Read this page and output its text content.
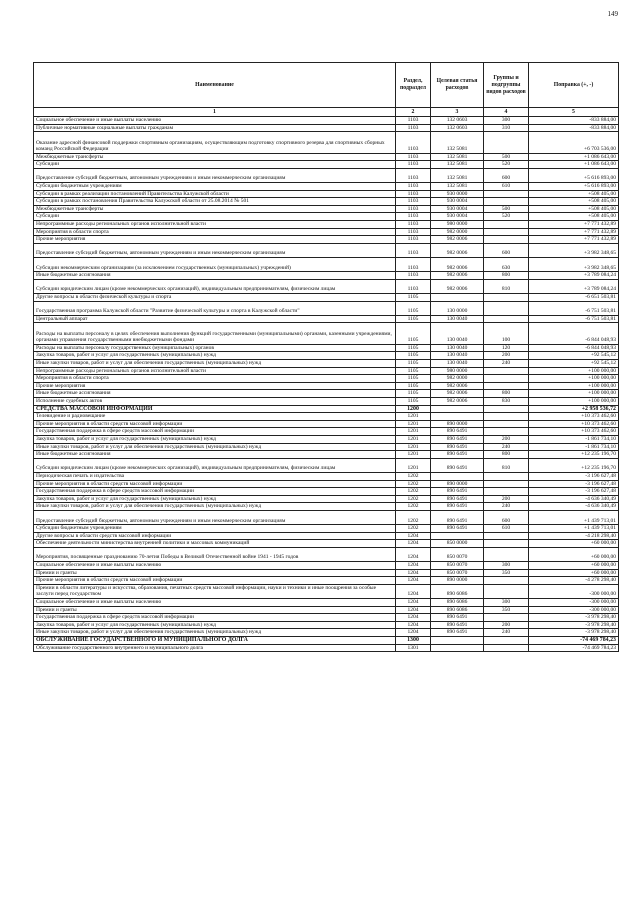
149
Наименование	Раздел, подраздел	Целевая статья расходов	Группы и подгруппы видов расходов	Поправка (+, -)
1	2	3	4	5
Социальное обеспечение и иные выплаты населению	1103	132 0603	300	-833 884,00
Публичные нормативные социальные выплаты гражданам	1103	132 0603	310	-833 884,00
Оказание адресной финансовой поддержки спортивным организациям, осуществляющим подготовку спортивного резерва для спортивных сборных команд Российской Федерации	1103	132 5081		+6 703 536,00
Межбюджетные трансферты	1103	132 5081	500	+1 086 643,00
Субсидии	1103	132 5081	520	+1 086 643,00
Предоставление субсидий бюджетным, автономным учреждениям и иным некоммерческим организациям	1103	132 5081	600	+5 616 893,00
Субсидии бюджетным учреждениям	1103	132 5081	610	+5 616 893,00
Субсидии в рамках реализации постановлений Правительства Калужской области	1103	930 0000		+508 405,00
Субсидии в рамках постановления Правительства Калужской области от 25.08.2014 № 501	1103	930 0004		+508 405,00
Межбюджетные трансферты	1103	930 0004	500	+508 405,00
Субсидии	1103	930 0004	520	+508 405,00
Непрограммные расходы региональных органов исполнительной власти	1103	980 0000		+7 771 432,89
Мероприятия в области спорта	1103	982 0000		+7 771 432,89
Прочие мероприятия	1103	982 0006		+7 771 432,89
Предоставление субсидий бюджетным, автономным учреждениям и иным некоммерческим организациям	1103	982 0006	600	+3 982 348,65
Субсидии некоммерческим организациям (за исключением государственных (муниципальных) учреждений)	1103	982 0006	630	+3 982 348,65
Иные бюджетные ассигнования	1103	982 0006	800	+3 789 084,24
Субсидии юридическим лицам (кроме некоммерческих организаций), индивидуальным предпринимателям, физическим лицам	1103	982 0006	810	+3 789 084,24
Другие вопросы в области физической культуры и спорта	1105			-6 651 503,81
Государственная программа Калужской области "Развитие физической культуры и спорта в Калужской области"	1105	130 0000		-6 751 503,81
Центральный аппарат	1105	130 0040		-6 751 503,81
Расходы на выплаты персоналу в целях обеспечения выполнения функций государственными (муниципальными) органами, казенными учреждениями, органами управления государственными внебюджетными фондами	1105	130 0040	100	-6 844 048,93
Расходы на выплаты персоналу государственных (муниципальных) органов	1105	130 0040	120	-6 844 048,93
Закупка товаров, работ и услуг для государственных (муниципальных) нужд	1105	130 0040	200	+92 545,12
Иные закупки товаров, работ и услуг для обеспечения государственных (муниципальных) нужд	1105	130 0040	240	+92 545,12
Непрограммные расходы региональных органов исполнительной власти	1105	980 0000		+100 000,00
Мероприятия в области спорта	1105	982 0000		+100 000,00
Прочие мероприятия	1105	982 0006		+100 000,00
Иные бюджетные ассигнования	1105	982 0006	800	+100 000,00
Исполнение судебных актов	1105	982 0006	830	+100 000,00
СРЕДСТВА МАССОВОЙ ИНФОРМАЦИИ	1200			+2 958 536,72
Телевидение и радиовещание	1201			+10 373 462,60
Прочие мероприятия в области средств массовой информации	1201	890 0000		+10 373 462,60
Государственная поддержка в сфере средств массовой информации	1201	890 6491		+10 373 462,60
Закупка товаров, работ и услуг для государственных (муниципальных) нужд	1201	890 6491	200	-1 861 734,10
Иные закупки товаров, работ и услуг для обеспечения государственных (муниципальных) нужд	1201	890 6491	240	-1 861 734,10
Иные бюджетные ассигнования	1201	890 6491	800	+12 235 196,70
Субсидии юридическим лицам (кроме некоммерческих организаций), индивидуальным предпринимателям, физическим лицам	1201	890 6491	810	+12 235 196,70
Периодическая печать и издательства	1202			-3 196 627,48
Прочие мероприятия в области средств массовой информации	1202	890 0000		-3 196 627,48
Государственная поддержка в сфере средств массовой информации	1202	890 6491		-3 196 627,48
Закупка товаров, работ и услуг для государственных (муниципальных) нужд	1202	890 6491	200	-4 636 340,49
Иные закупки товаров, работ и услуг для обеспечения государственных (муниципальных) нужд	1202	890 6491	240	-4 636 340,49
Предоставление субсидий бюджетным, автономным учреждениям и иным некоммерческим организациям	1202	890 6491	600	+1 439 713,01
Субсидии бюджетным учреждениям	1202	890 6491	610	+1 439 713,01
Другие вопросы в области средств массовой информации	1204			-4 218 298,40
Обеспечение деятельности министерства внутренней политики и массовых коммуникаций	1204	850 0000		+60 000,00
Мероприятия, посвященные празднованию 70-летия Победы в Великой Отечественной войне 1941 - 1945 годов	1204	850 0070		+60 000,00
Социальное обеспечение и иные выплаты населению	1204	850 0070	300	+60 000,00
Премии и гранты	1204	850 0070	350	+60 000,00
Прочие мероприятия в области средств массовой информации	1204	890 0000		-4 278 298,40
Премии в области литературы и искусства, образования, печатных средств массовой информации, науки и техники и иные поощрения за особые заслуги перед государством	1204	890 6086		-300 000,00
Социальное обеспечение и иные выплаты населению	1204	890 6086	300	-300 000,00
Премии и гранты	1204	890 6086	350	-300 000,00
Государственная поддержка в сфере средств массовой информации	1204	890 6491		-3 978 298,40
Закупка товаров, работ и услуг для государственных (муниципальных) нужд	1204	890 6491	200	-3 978 298,40
Иные закупки товаров, работ и услуг для обеспечения государственных (муниципальных) нужд	1204	890 6491	240	-3 978 298,40
ОБСЛУЖИВАНИЕ ГОСУДАРСТВЕННОГО И МУНИЦИПАЛЬНОГО ДОЛГА	1300			-74 469 784,23
Обслуживание государственного внутреннего и муниципального долга	1301			-74 469 784,23
